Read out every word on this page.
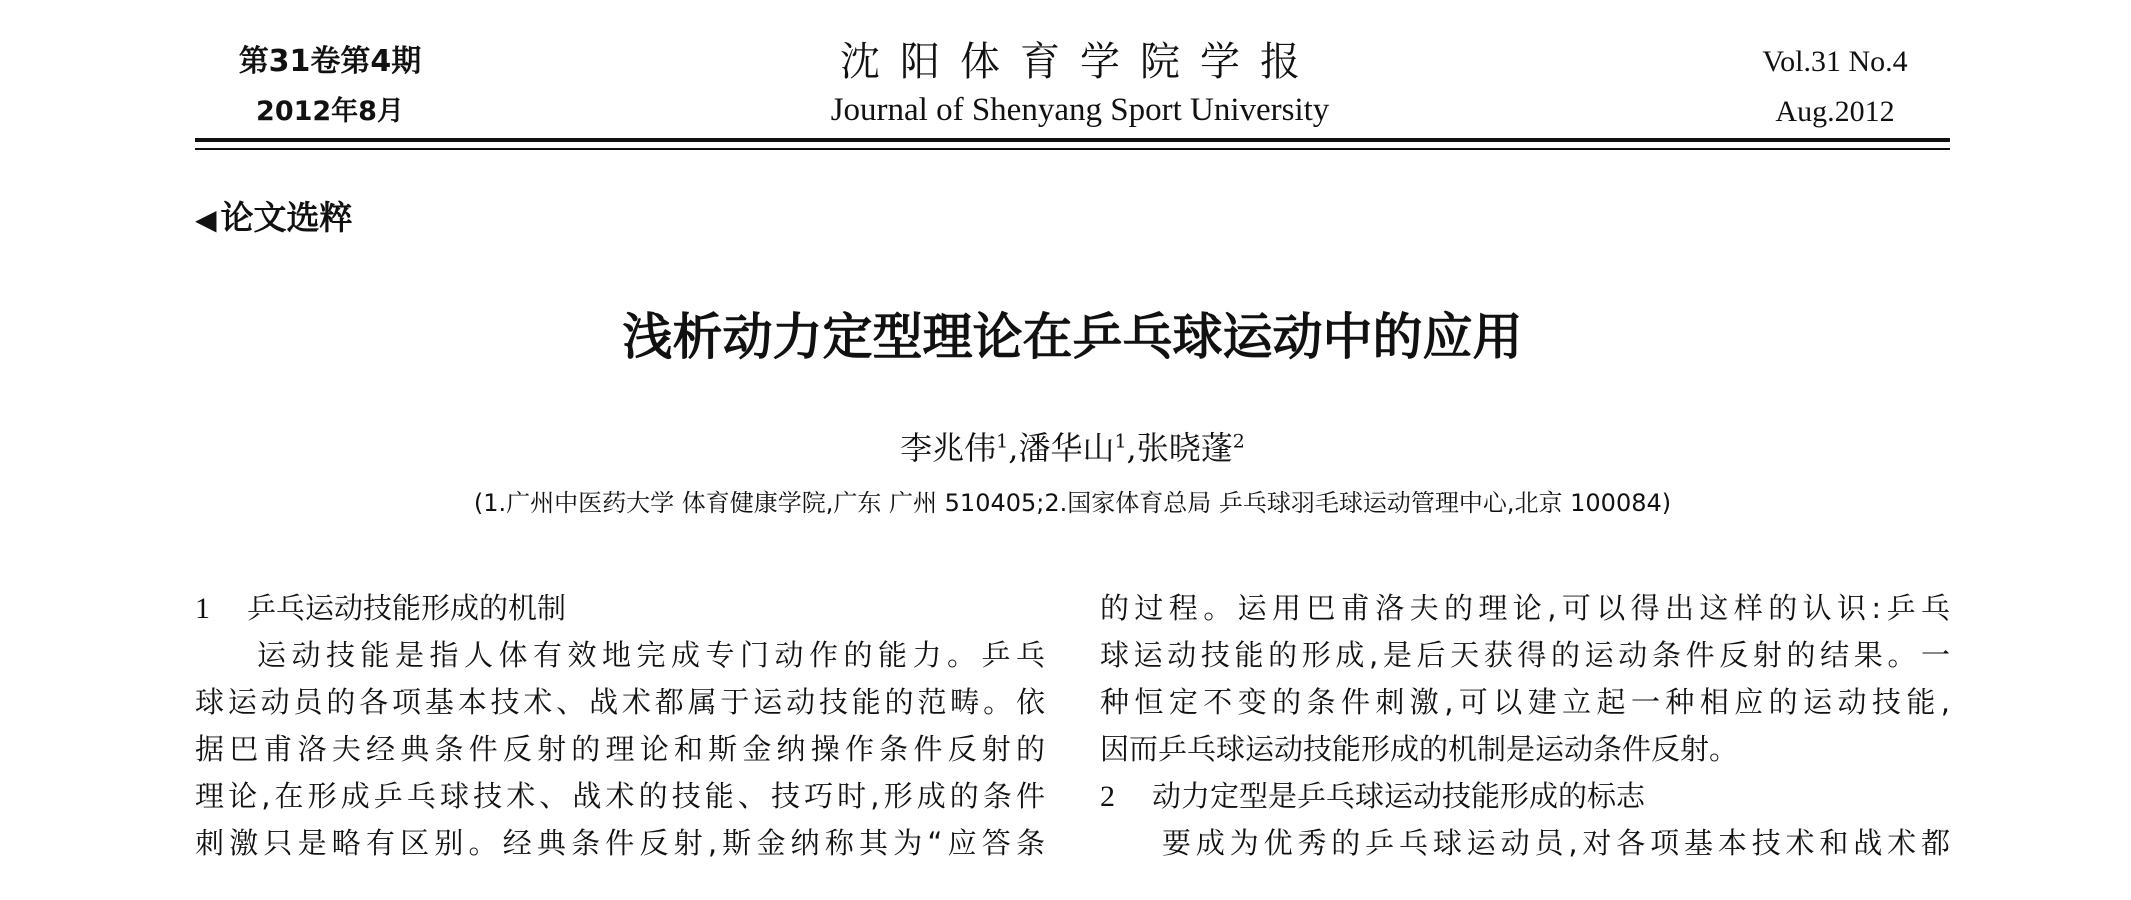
第31卷第4期
2012年8月
沈阳体育学院学报
Journal of Shenyang Sport University
Vol.31 No.4
Aug.2012
◀ 论文选粹
浅析动力定型理论在乒乓球运动中的应用
李兆伟$^1$,潘华山$^1$,张晓蓬$^2$
(1.广州中医药大学 体育健康学院,广东 广州 510405;2.国家体育总局 乒乓球羽毛球运动管理中心,北京 100084)
1 乒乓运动技能形成的机制
运动技能是指人体有效地完成专门动作的能力。乒乓
球运动员的各项基本技术、战术都属于运动技能的范畴。依
据巴甫洛夫经典条件反射的理论和斯金纳操作条件反射的
理论,在形成乒乓球技术、战术的技能、技巧时,形成的条件
刺激只是略有区别。经典条件反射,斯金纳称其为“应答条
的过程。运用巴甫洛夫的理论,可以得出这样的认识:乒乓
球运动技能的形成,是后天获得的运动条件反射的结果。一
种恒定不变的条件刺激,可以建立起一种相应的运动技能,
因而乒乓球运动技能形成的机制是运动条件反射。
2 动力定型是乒乓球运动技能形成的标志
要成为优秀的乒乓球运动员,对各项基本技术和战术都
